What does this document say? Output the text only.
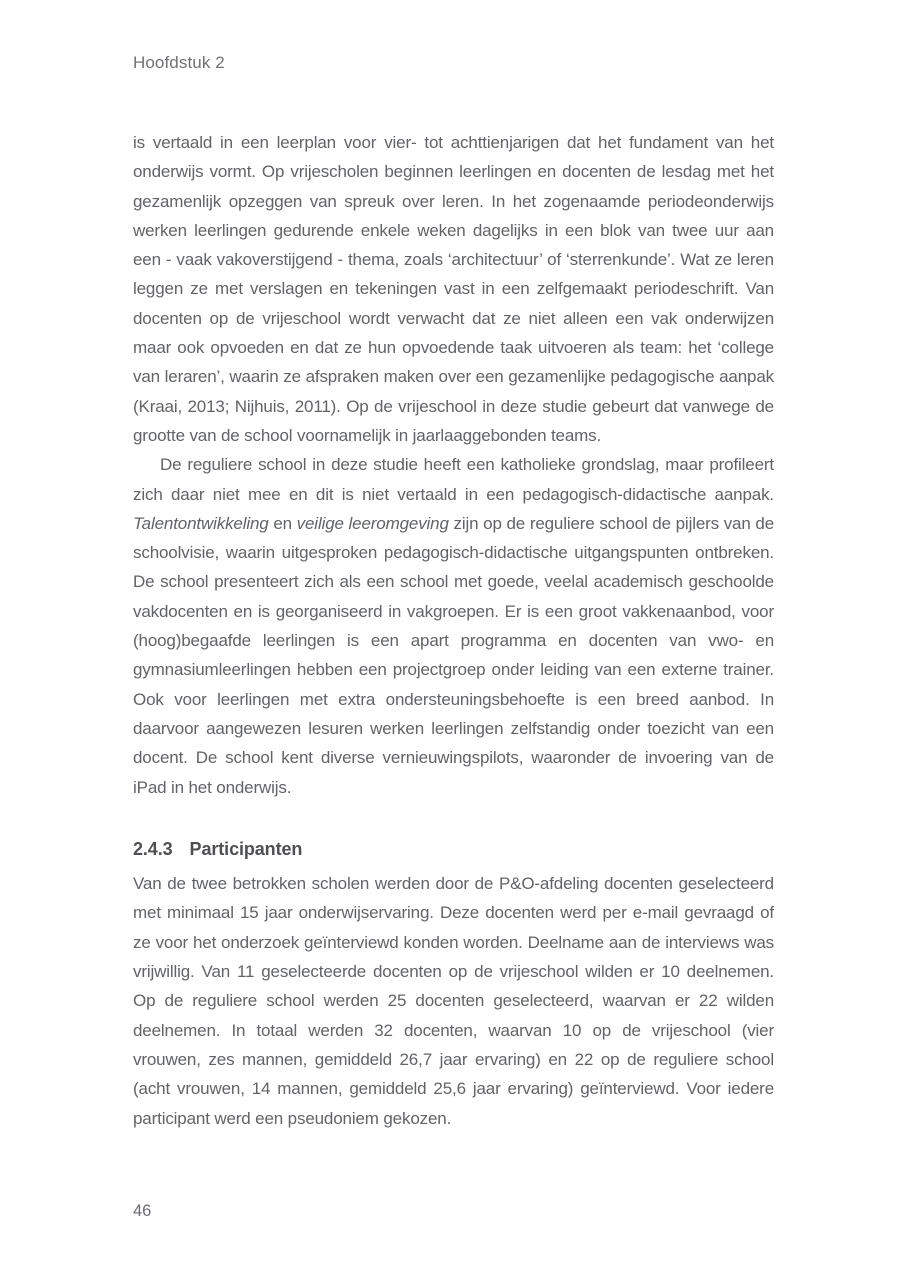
Hoofdstuk 2

is vertaald in een leerplan voor vier- tot achttienjarigen dat het fundament van het onderwijs vormt. Op vrijescholen beginnen leerlingen en docenten de lesdag met het gezamenlijk opzeggen van spreuk over leren. In het zogenaamde periodeonderwijs werken leerlingen gedurende enkele weken dagelijks in een blok van twee uur aan een - vaak vakoverstijgend - thema, zoals ‘architectuur’ of ‘sterrenkunde’. Wat ze leren leggen ze met verslagen en tekeningen vast in een zelfgemaakt periodeschrift. Van docenten op de vrijeschool wordt verwacht dat ze niet alleen een vak onderwijzen maar ook opvoeden en dat ze hun opvoedende taak uitvoeren als team: het ‘college van leraren’, waarin ze afspraken maken over een gezamenlijke pedagogische aanpak (Kraai, 2013; Nijhuis, 2011). Op de vrijeschool in deze studie gebeurt dat vanwege de grootte van de school voornamelijk in jaarlaaggebonden teams.

De reguliere school in deze studie heeft een katholieke grondslag, maar profileert zich daar niet mee en dit is niet vertaald in een pedagogisch-didactische aanpak. Talentontwikkeling en veilige leeromgeving zijn op de reguliere school de pijlers van de schoolvisie, waarin uitgesproken pedagogisch-didactische uitgangspunten ontbreken. De school presenteert zich als een school met goede, veelal academisch geschoolde vakdocenten en is georganiseerd in vakgroepen. Er is een groot vakkenaanbod, voor (hoog)begaafde leerlingen is een apart programma en docenten van vwo- en gymnasiumleerlingen hebben een projectgroep onder leiding van een externe trainer. Ook voor leerlingen met extra ondersteuningsbehoefte is een breed aanbod. In daarvoor aangewezen lesuren werken leerlingen zelfstandig onder toezicht van een docent. De school kent diverse vernieuwingspilots, waaronder de invoering van de iPad in het onderwijs.

2.4.3 Participanten

Van de twee betrokken scholen werden door de P&O-afdeling docenten geselecteerd met minimaal 15 jaar onderwijservaring. Deze docenten werd per e-mail gevraagd of ze voor het onderzoek geïnterviewd konden worden. Deelname aan de interviews was vrijwillig. Van 11 geselecteerde docenten op de vrijeschool wilden er 10 deelnemen. Op de reguliere school werden 25 docenten geselecteerd, waarvan er 22 wilden deelnemen. In totaal werden 32 docenten, waarvan 10 op de vrijeschool (vier vrouwen, zes mannen, gemiddeld 26,7 jaar ervaring) en 22 op de reguliere school (acht vrouwen, 14 mannen, gemiddeld 25,6 jaar ervaring) geïnterviewd. Voor iedere participant werd een pseudoniem gekozen.

46
